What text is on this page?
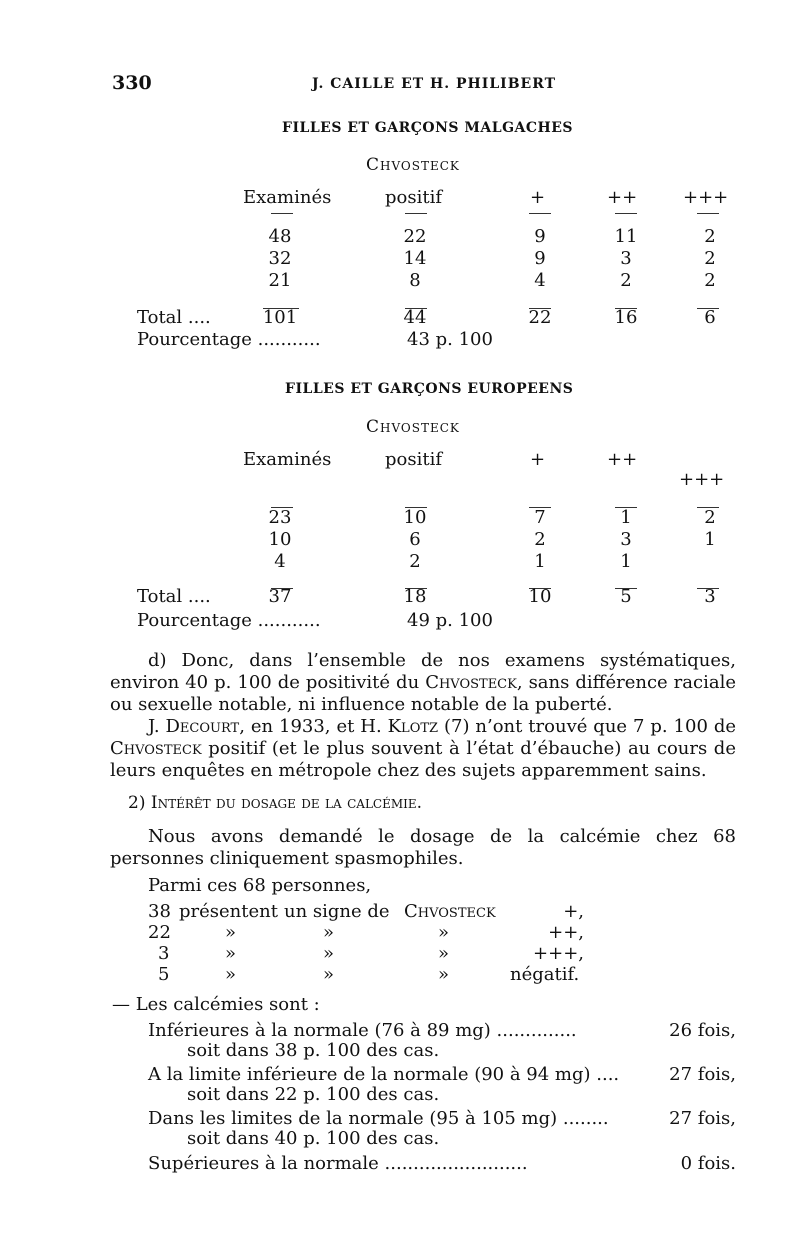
330	J. CAILLE ET H. PHILIBERT
FILLES ET GARÇONS MALGACHES
Chvosteck
Examinés	positif	+	++	+++
48	22	9	11	2
32	14	9	3	2
21	8	4	2	2
Total ....	101	44	22	16	6
Pourcentage ...........	43 p. 100
FILLES ET GARÇONS EUROPEENS
Chvosteck
Examinés	positif	+	++
+++
23	10	7	1	2
10	6	2	3	1
4	2	1	1
Total ....	37	18	10	5	3
Pourcentage ...........	49 p. 100
d) Donc, dans l’ensemble de nos examens systématiques, environ 40 p. 100 de positivité du Chvosteck, sans différence raciale ou sexuelle notable, ni influence notable de la puberté.
J. Decourt, en 1933, et H. Klotz (7) n’ont trouvé que 7 p. 100 de Chvosteck positif (et le plus souvent à l’état d’ébauche) au cours de leurs enquêtes en métropole chez des sujets apparemment sains.
2) Intérêt du dosage de la calcémie.
Nous avons demandé le dosage de la calcémie chez 68 personnes cliniquement spasmophiles.
Parmi ces 68 personnes,
38 présentent un signe de Chvosteck	+,
22	»	»	»	++,
3	»	»	»	+++,
5	»	»	»	négatif.
— Les calcémies sont :
Inférieures à la normale (76 à 89 mg) ..............	26 fois,
soit dans 38 p. 100 des cas.
A la limite inférieure de la normale (90 à 94 mg) ....	27 fois,
soit dans 22 p. 100 des cas.
Dans les limites de la normale (95 à 105 mg) ........	27 fois,
soit dans 40 p. 100 des cas.
Supérieures à la normale .........................	0 fois.
